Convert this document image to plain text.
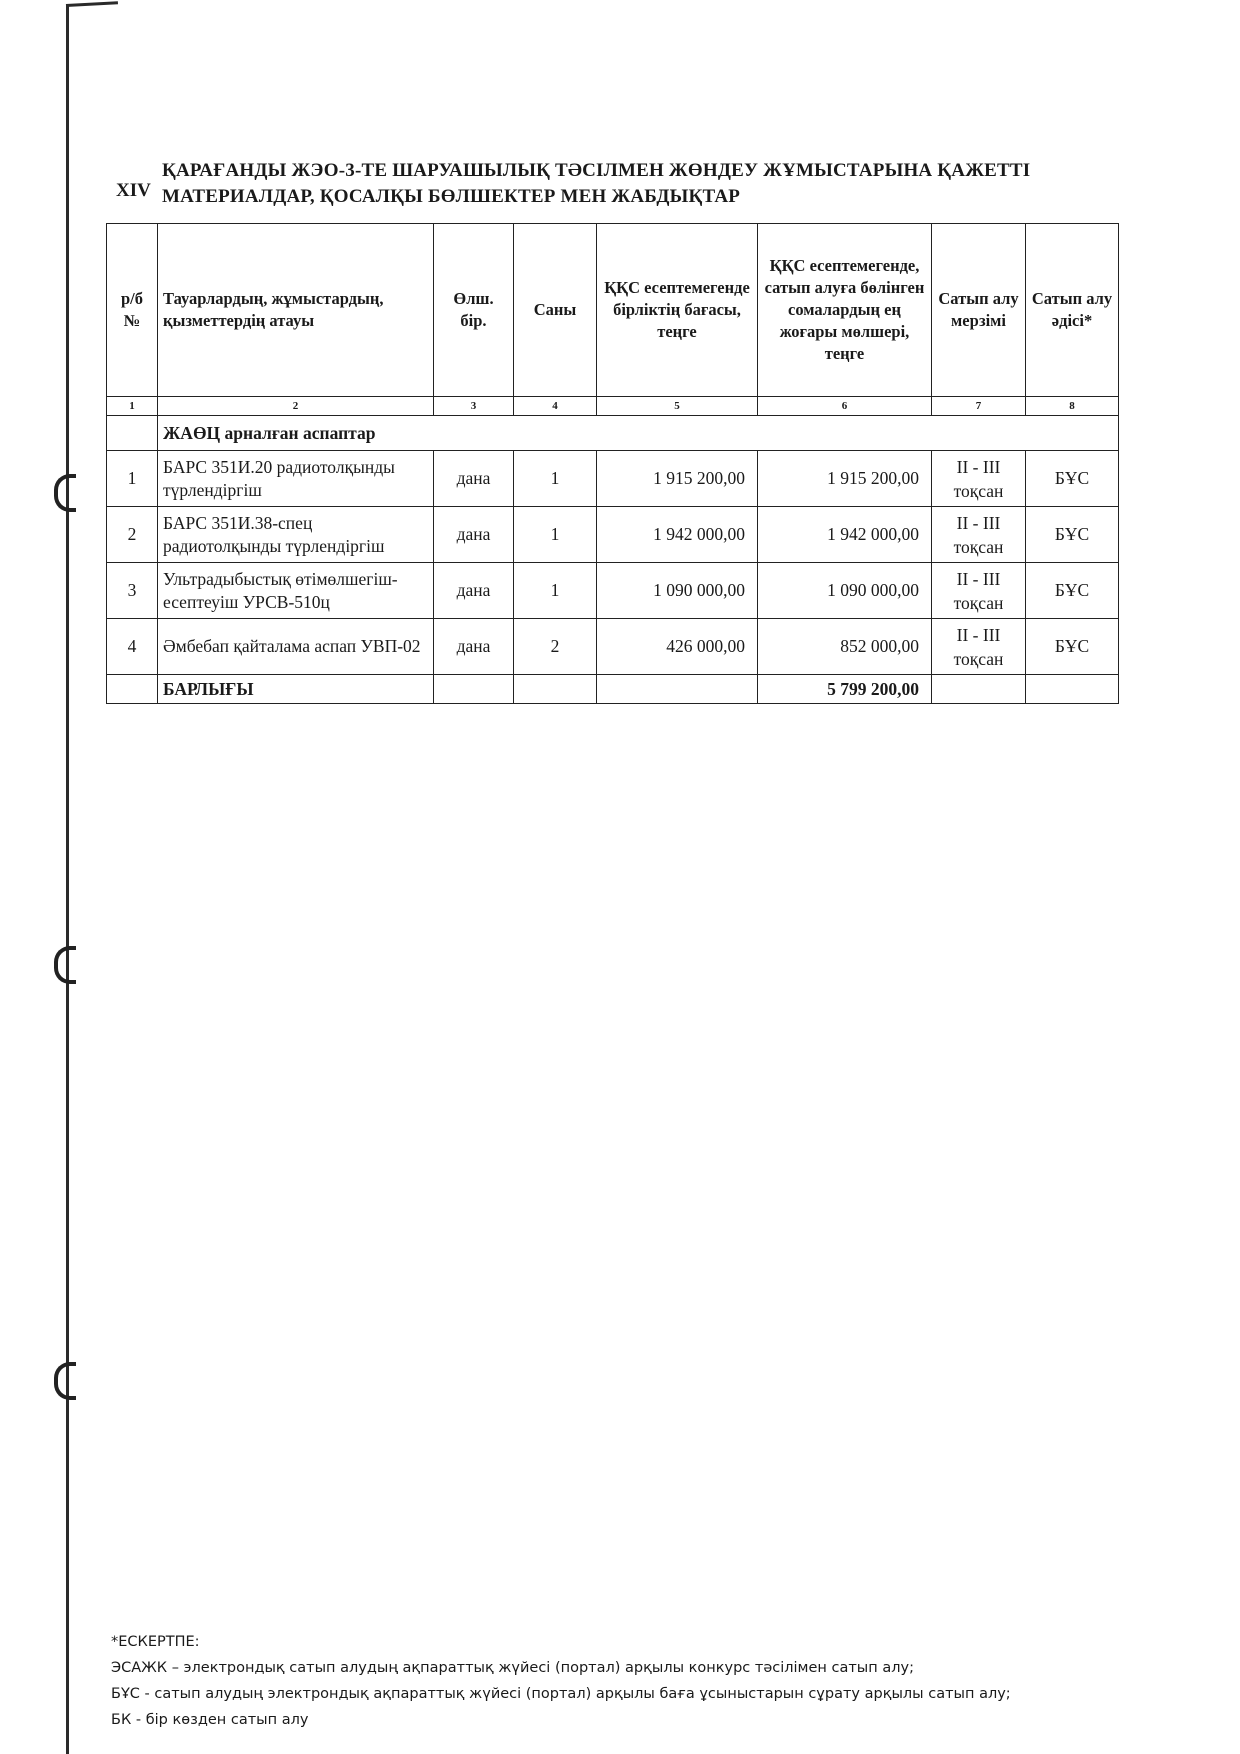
XIV
ҚАРАҒАНДЫ ЖЭО-3-ТЕ ШАРУАШЫЛЫҚ ТӘСІЛМЕН ЖӨНДЕУ ЖҰМЫСТАРЫНА ҚАЖЕТТІ
МАТЕРИАЛДАР, ҚОСАЛҚЫ БӨЛШЕКТЕР МЕН ЖАБДЫҚТАР
р/б №	Тауарлардың, жұмыстардың, қызметтердің атауы	Өлш. бір.	Саны	ҚҚС есептемегенде бірліктің бағасы, теңге	ҚҚС есептемегенде, сатып алуға бөлінген сомалардың ең жоғары мөлшері, теңге	Сатып алу мерзімі	Сатып алу әдісі*
1	2	3	4	5	6	7	8
	ЖАӨЦ арналған аспаптар						
1	БАРС 351И.20 радиотолқынды түрлендіргіш	дана	1	1 915 200,00	1 915 200,00	II - III тоқсан	БҰС
2	БАРС 351И.38-спец радиотолқынды түрлендіргіш	дана	1	1 942 000,00	1 942 000,00	II - III тоқсан	БҰС
3	Ультрадыбыстық өтімөлшегіш-есептеуіш УРСВ-510ц	дана	1	1 090 000,00	1 090 000,00	II - III тоқсан	БҰС
4	Әмбебап қайталама аспап УВП-02	дана	2	426 000,00	852 000,00	II - III тоқсан	БҰС
	БАРЛЫҒЫ				5 799 200,00		
*ЕСКЕРТПЕ:
ЭСАЖК – электрондық сатып алудың ақпараттық жүйесі (портал) арқылы конкурс тәсілімен сатып алу;
БҰС - сатып алудың электрондық ақпараттық жүйесі (портал) арқылы баға ұсыныстарын сұрату арқылы сатып алу;
БК - бір көзден сатып алу
